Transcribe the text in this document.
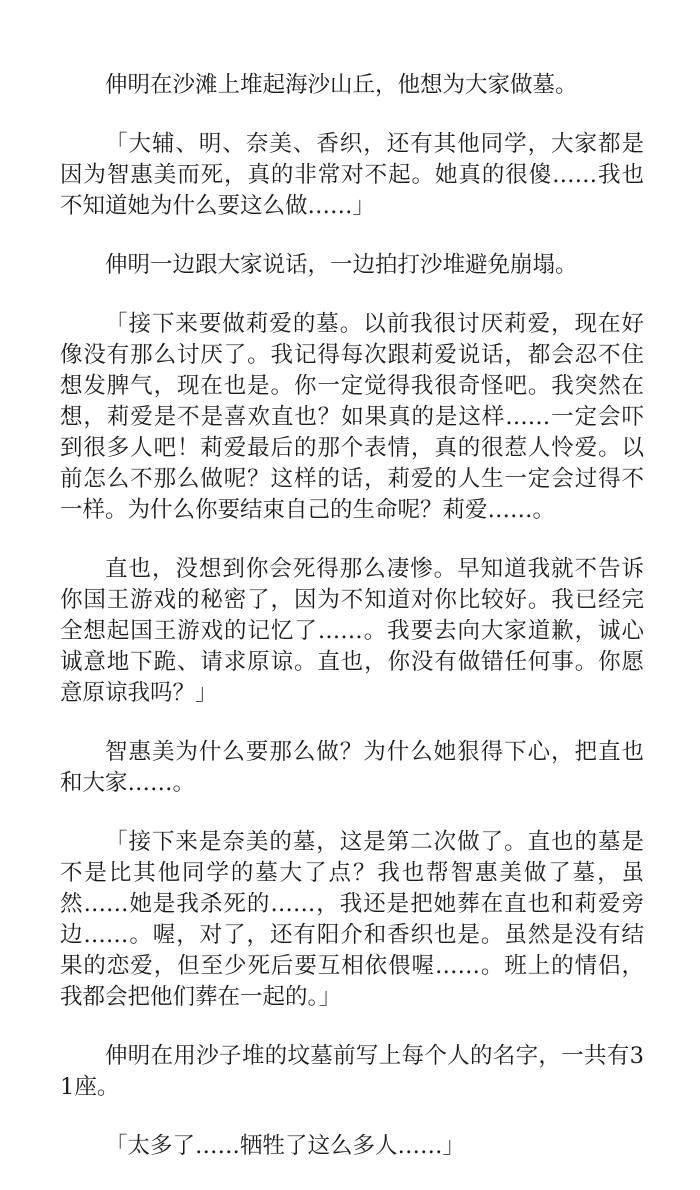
伸明在沙滩上堆起海沙山丘，他想为大家做墓。

「大辅、明、奈美、香织，还有其他同学，大家都是因为智惠美而死，真的非常对不起。她真的很傻……我也不知道她为什么要这么做……」

伸明一边跟大家说话，一边拍打沙堆避免崩塌。

「接下来要做莉爱的墓。以前我很讨厌莉爱，现在好像没有那么讨厌了。我记得每次跟莉爱说话，都会忍不住想发脾气，现在也是。你一定觉得我很奇怪吧。我突然在想，莉爱是不是喜欢直也？如果真的是这样……一定会吓到很多人吧！莉爱最后的那个表情，真的很惹人怜爱。以前怎么不那么做呢？这样的话，莉爱的人生一定会过得不一样。为什么你要结束自己的生命呢？莉爱……。

直也，没想到你会死得那么凄惨。早知道我就不告诉你国王游戏的秘密了，因为不知道对你比较好。我已经完全想起国王游戏的记忆了……。我要去向大家道歉，诚心诚意地下跪、请求原谅。直也，你没有做错任何事。你愿意原谅我吗？」

智惠美为什么要那么做？为什么她狠得下心，把直也和大家……。

「接下来是奈美的墓，这是第二次做了。直也的墓是不是比其他同学的墓大了点？我也帮智惠美做了墓，虽然……她是我杀死的……，我还是把她葬在直也和莉爱旁边……。喔，对了，还有阳介和香织也是。虽然是没有结果的恋爱，但至少死后要互相依偎喔……。班上的情侣，我都会把他们葬在一起的。」

伸明在用沙子堆的坟墓前写上每个人的名字，一共有31座。

「太多了……牺牲了这么多人……」
